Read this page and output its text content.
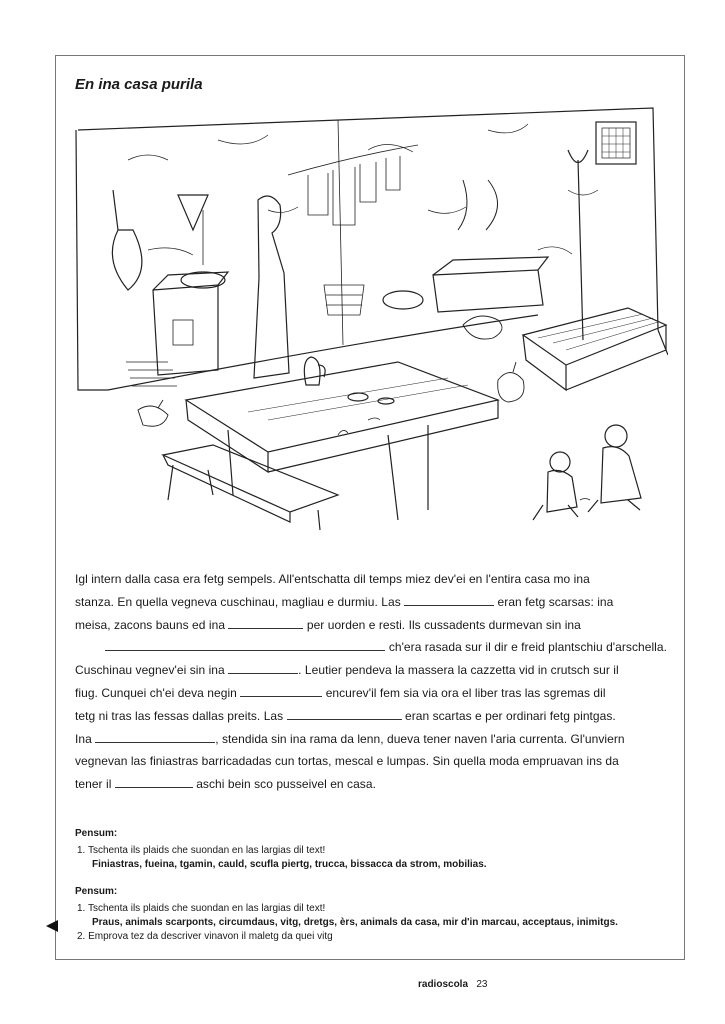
En ina casa purila
Igl intern dalla casa era fetg sempels. All'entschatta dil temps miez dev'ei en l'entira casa mo ina
stanza. En quella vegneva cuschinau, magliau e durmiu. Las	eran fetg scarsas: ina
meisa, zacons bauns ed ina	per uorden e resti. Ils cussadents durmevan sin ina
ch'era rasada sur il dir e freid plantschiu d'arschella.
Cuschinau vegnev'ei sin ina	. Leutier pendeva la massera la cazzetta vid in crutsch sur il
fiug. Cunquei ch'ei deva negin	encurev'il fem sia via ora el liber tras las sgremas dil
tetg ni tras las fessas dallas preits. Las	eran scartas e per ordinari fetg pintgas.
Ina	, stendida sin ina rama da lenn, dueva tener naven l'aria currenta. Gl'unviern
vegnevan las finiastras barricadadas cun tortas, mescal e lumpas. Sin quella moda empruavan ins da
tener il	aschi bein sco pusseivel en casa.
Pensum:
1. Tschenta ils plaids che suondan en las largias dil text!
Finiastras, fueina, tgamin, cauld, scufla piertg, trucca, bissacca da strom, mobilias.
Pensum:
1. Tschenta ils plaids che suondan en las largias dil text!
Praus, animals scarponts, circumdaus, vitg, dretgs, èrs, animals da casa, mir d'in marcau, acceptaus, inimitgs.
2. Emprova tez da descriver vinavon il maletg da quei vitg
radioscola 23
